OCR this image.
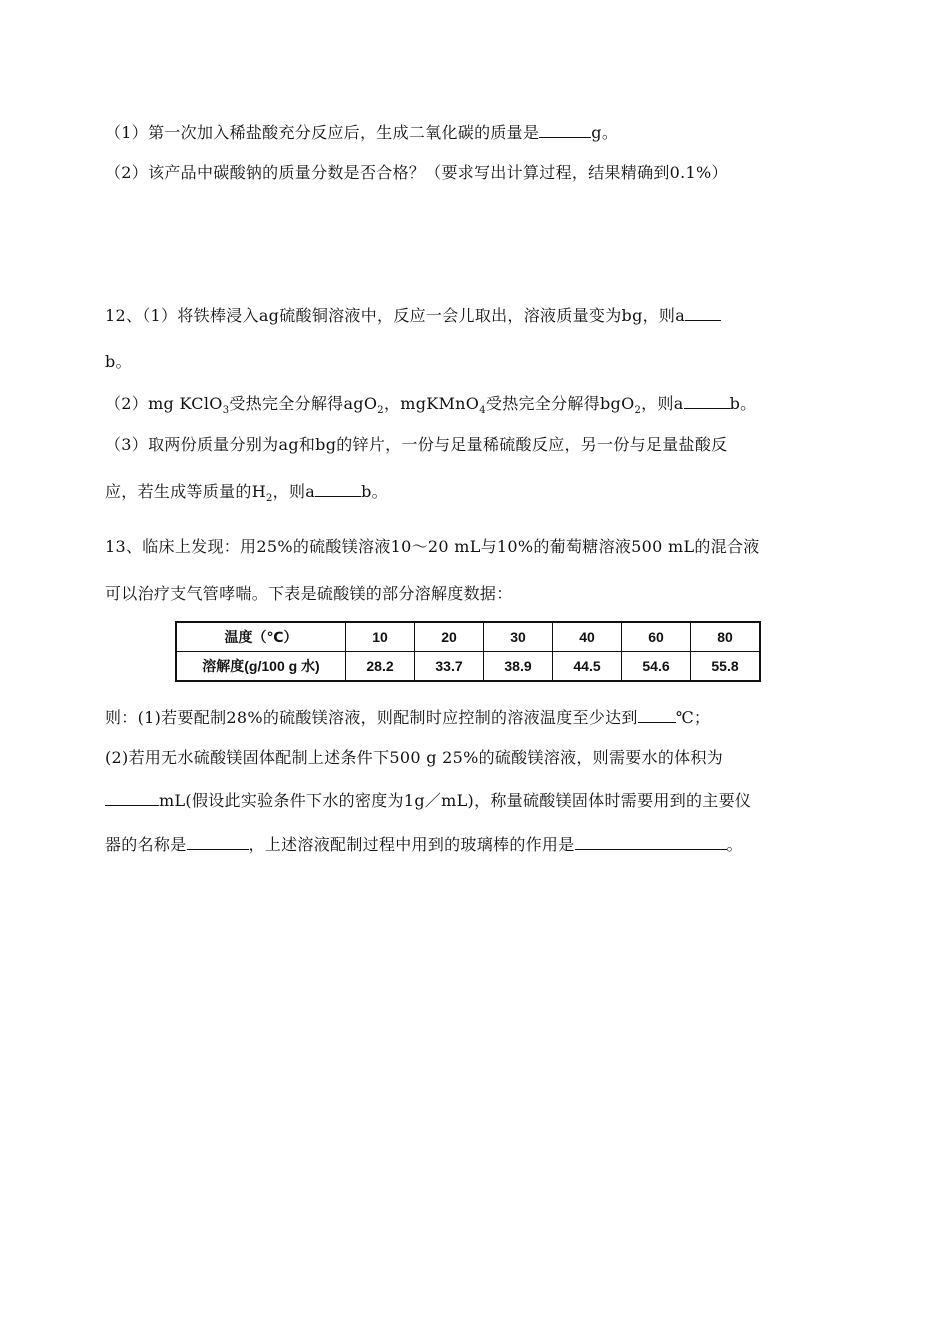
（1）第一次加入稀盐酸充分反应后，生成二氧化碳的质量是	g。
（2）该产品中碳酸钠的质量分数是否合格？（要求写出计算过程，结果精确到0.1%）
12、（1）将铁棒浸入ag硫酸铜溶液中，反应一会儿取出，溶液质量变为bg，则a
b。
（2）mg KClO$_3$受热完全分解得agO$_2$，mgKMnO$_4$受热完全分解得bgO$_2$，则a	b。
（3）取两份质量分别为ag和bg的锌片，一份与足量稀硫酸反应，另一份与足量盐酸反
应，若生成等质量的$H_2$，则a	b。
13、临床上发现：用25%的硫酸镁溶液10～20 mL与10%的葡萄糖溶液500 mL的混合液
可以治疗支气管哮喘。下表是硫酸镁的部分溶解度数据：
温度（℃）	10	20	30	40	60	80
溶解度(g/100 g 水)	28.2	33.7	38.9	44.5	54.6	55.8
则：(1)若要配制28%的硫酸镁溶液，则配制时应控制的溶液温度至少达到 ℃；
(2)若用无水硫酸镁固体配制上述条件下500 g 25%的硫酸镁溶液，则需要水的体积为
mL(假设此实验条件下水的密度为1g／mL)，称量硫酸镁固体时需要用到的主要仪
器的名称是	，上述溶液配制过程中用到的玻璃棒的作用是	。
